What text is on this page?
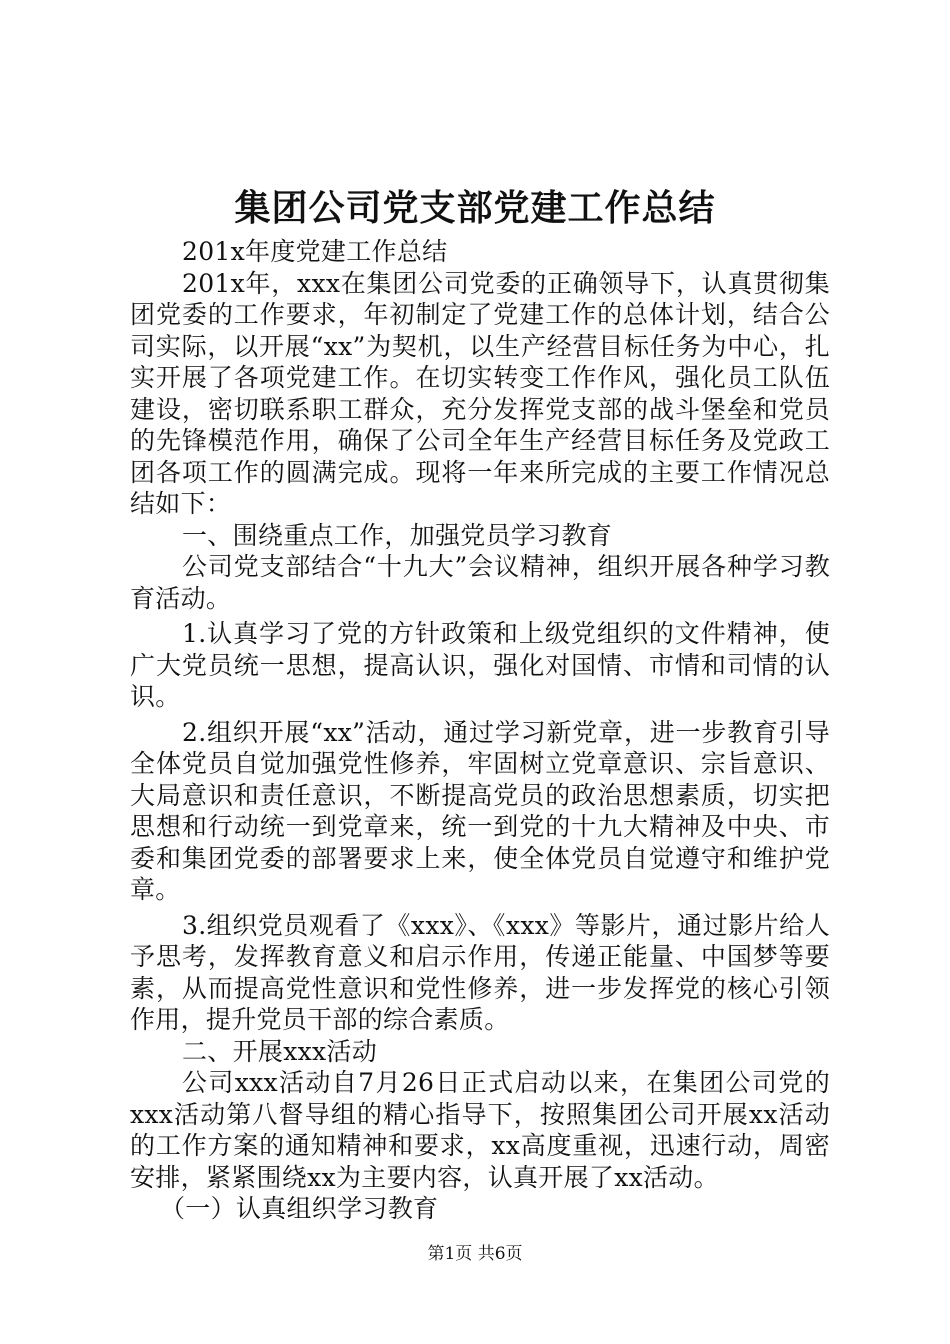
集团公司党支部党建工作总结

201x年度党建工作总结

201x年，xxx在集团公司党委的正确领导下，认真贯彻集团党委的工作要求，年初制定了党建工作的总体计划，结合公司实际，以开展“xx”为契机，以生产经营目标任务为中心，扎实开展了各项党建工作。在切实转变工作作风，强化员工队伍建设，密切联系职工群众，充分发挥党支部的战斗堡垒和党员的先锋模范作用，确保了公司全年生产经营目标任务及党政工团各项工作的圆满完成。现将一年来所完成的主要工作情况总结如下：

一、围绕重点工作，加强党员学习教育

公司党支部结合“十九大”会议精神，组织开展各种学习教育活动。

1.认真学习了党的方针政策和上级党组织的文件精神，使广大党员统一思想，提高认识，强化对国情、市情和司情的认识。

2.组织开展“xx”活动，通过学习新党章，进一步教育引导全体党员自觉加强党性修养，牢固树立党章意识、宗旨意识、大局意识和责任意识，不断提高党员的政治思想素质，切实把思想和行动统一到党章来，统一到党的十九大精神及中央、市委和集团党委的部署要求上来，使全体党员自觉遵守和维护党章。

3.组织党员观看了《xxx》、《xxx》等影片，通过影片给人予思考，发挥教育意义和启示作用，传递正能量、中国梦等要素，从而提高党性意识和党性修养，进一步发挥党的核心引领作用，提升党员干部的综合素质。

二、开展xxx活动

公司xxx活动自7月26日正式启动以来，在集团公司党的xxx活动第八督导组的精心指导下，按照集团公司开展xx活动的工作方案的通知精神和要求，xx高度重视，迅速行动，周密安排，紧紧围绕xx为主要内容，认真开展了xx活动。

（一）认真组织学习教育

第1页 共6页
